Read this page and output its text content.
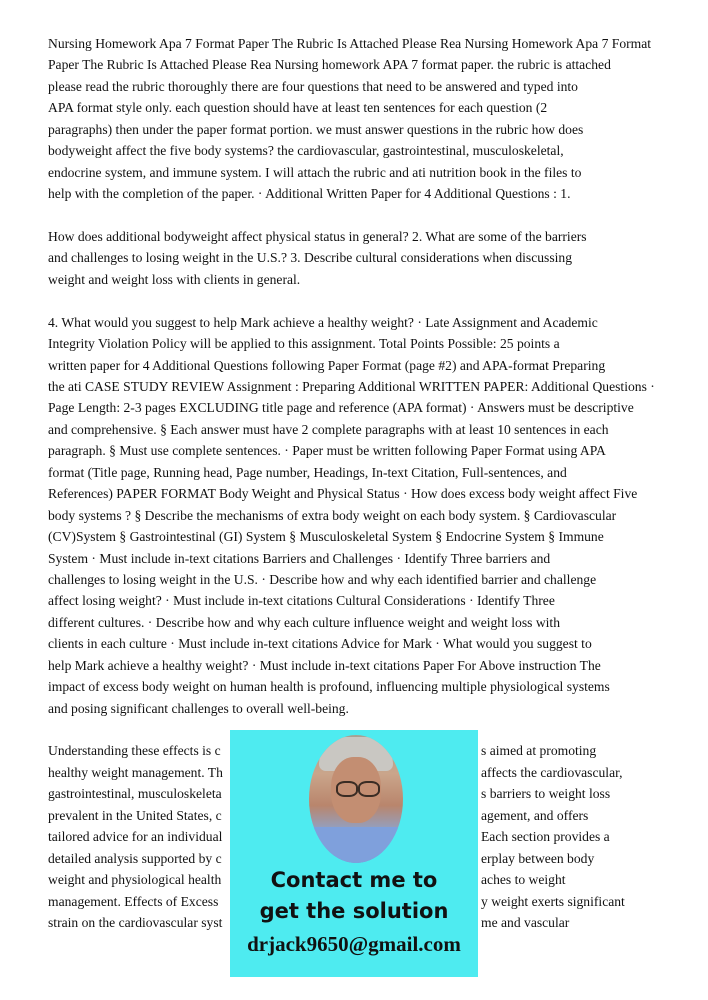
Nursing Homework Apa 7 Format Paper The Rubric Is Attached Please Rea Nursing Homework Apa 7 Format
Paper The Rubric Is Attached Please Rea Nursing homework APA 7 format paper. the rubric is attached
please read the rubric thoroughly there are four questions that need to be answered and typed into
APA format style only. each question should have at least ten sentences for each question (2
paragraphs) then under the paper format portion. we must answer questions in the rubric how does
bodyweight affect the five body systems? the cardiovascular, gastrointestinal, musculoskeletal,
endocrine system, and immune system. I will attach the rubric and ati nutrition book in the files to
help with the completion of the paper. · Additional Written Paper for 4 Additional Questions : 1.
How does additional bodyweight affect physical status in general? 2. What are some of the barriers
and challenges to losing weight in the U.S.? 3. Describe cultural considerations when discussing
weight and weight loss with clients in general.
4. What would you suggest to help Mark achieve a healthy weight? · Late Assignment and Academic
Integrity Violation Policy will be applied to this assignment. Total Points Possible: 25 points a
written paper for 4 Additional Questions following Paper Format (page #2) and APA-format Preparing
the ati CASE STUDY REVIEW Assignment : Preparing Additional WRITTEN PAPER: Additional Questions ·
Page Length: 2-3 pages EXCLUDING title page and reference (APA format) · Answers must be descriptive
and comprehensive. § Each answer must have 2 complete paragraphs with at least 10 sentences in each
paragraph. § Must use complete sentences. · Paper must be written following Paper Format using APA
format (Title page, Running head, Page number, Headings, In-text Citation, Full-sentences, and
References) PAPER FORMAT Body Weight and Physical Status · How does excess body weight affect Five
body systems ? § Describe the mechanisms of extra body weight on each body system. § Cardiovascular
(CV)System § Gastrointestinal (GI) System § Musculoskeletal System § Endocrine System § Immune
System · Must include in-text citations Barriers and Challenges · Identify Three barriers and
challenges to losing weight in the U.S. · Describe how and why each identified barrier and challenge
affect losing weight? · Must include in-text citations Cultural Considerations · Identify Three
different cultures. · Describe how and why each culture influence weight and weight loss with
clients in each culture · Must include in-text citations Advice for Mark · What would you suggest to
help Mark achieve a healthy weight? · Must include in-text citations Paper For Above instruction The
impact of excess body weight on human health is profound, influencing multiple physiological systems
and posing significant challenges to overall well-being.
Understanding these effects is c	s aimed at promoting
healthy weight management. Th	affects the cardiovascular,
gastrointestinal, musculoskeleta	s barriers to weight loss
prevalent in the United States, c	agement, and offers
tailored advice for an individual	Each section provides a
detailed analysis supported by c	erplay between body
weight and physiological health	aches to weight
management. Effects of Excess	y weight exerts significant
strain on the cardiovascular syst	me and vascular
Contact me to
get the solution
drjack9650@gmail.com
